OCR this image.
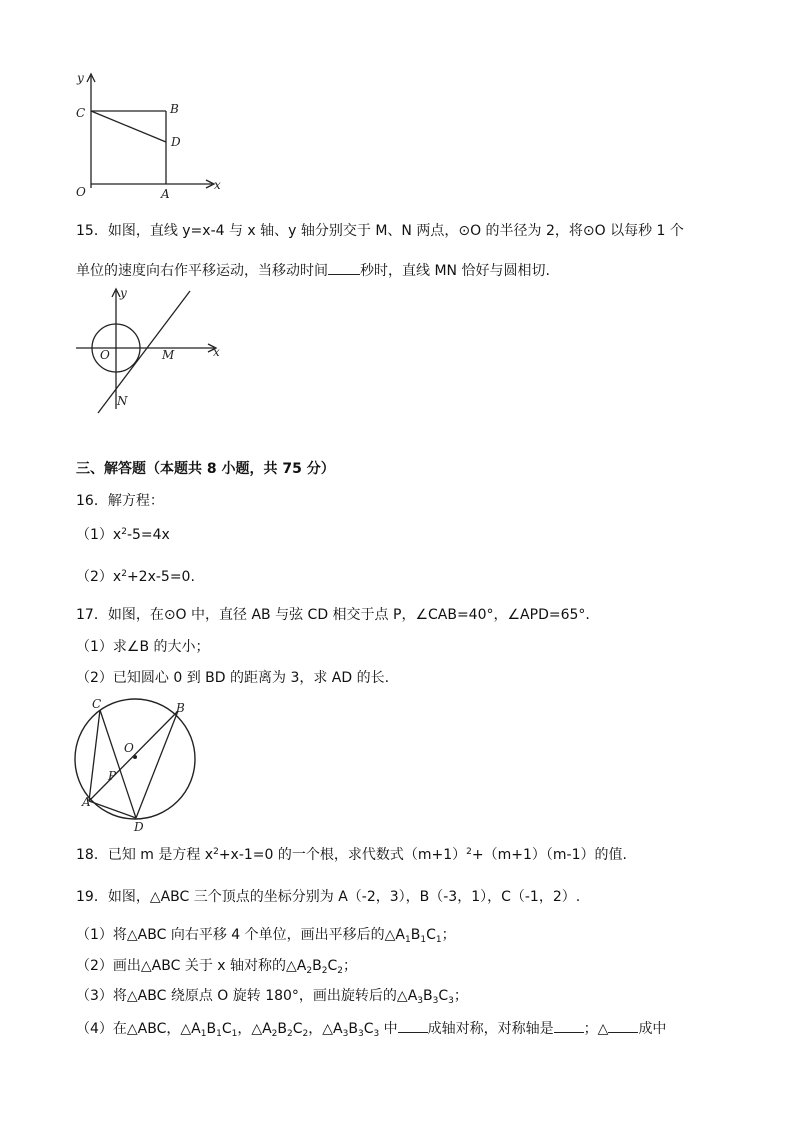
y
C	B
D
O	A
x
15．如图，直线 y=x-4 与 x 轴、y 轴分别交于 M、N 两点，⊙O 的半径为 2，将⊙O 以每秒 1 个
单位的速度向右作平移运动，当移动时间 秒时，直线 MN 恰好与圆相切.
y
O	M
N
x
三、解答题（本题共 8 小题，共 75 分）
16．解方程：
$(1)x^2-5=4x$
$(2)x^2+2x-5=0$.
17．如图，在⊙O 中，直径 AB 与弦 CD 相交于点 P，∠CAB=40°，∠APD=65°.
（1）求∠B 的大小；
（2）已知圆心 0 到 BD 的距离为 3，求 AD 的长.
C	B
O
P
A
D
18．已知 m 是方程 $x^2+x-1=0$ 的一个根，求代数式$(m+1)^2+(m+1)(m-1)$的值.
19．如图，△ABC 三个顶点的坐标分别为 A（-2，3），B（-3，1），C（-1，2）.
（1）将△ABC 向右平移 4 个单位，画出平移后的$\triangle A_1B_1C_1$；
（2）画出△ABC 关于 x 轴对称的$\triangle A_2B_2C_2$；
（3）将△ABC 绕原点 O 旋转 180°，画出旋转后的$\triangle A_3B_3C_3$；
（4）在△ABC，$\triangle A_1B_1C_1$，$\triangle A_2B_2C_2$，$\triangle A_3B_3C_3$ 中 成轴对称，对称轴是 ；△ 成中
